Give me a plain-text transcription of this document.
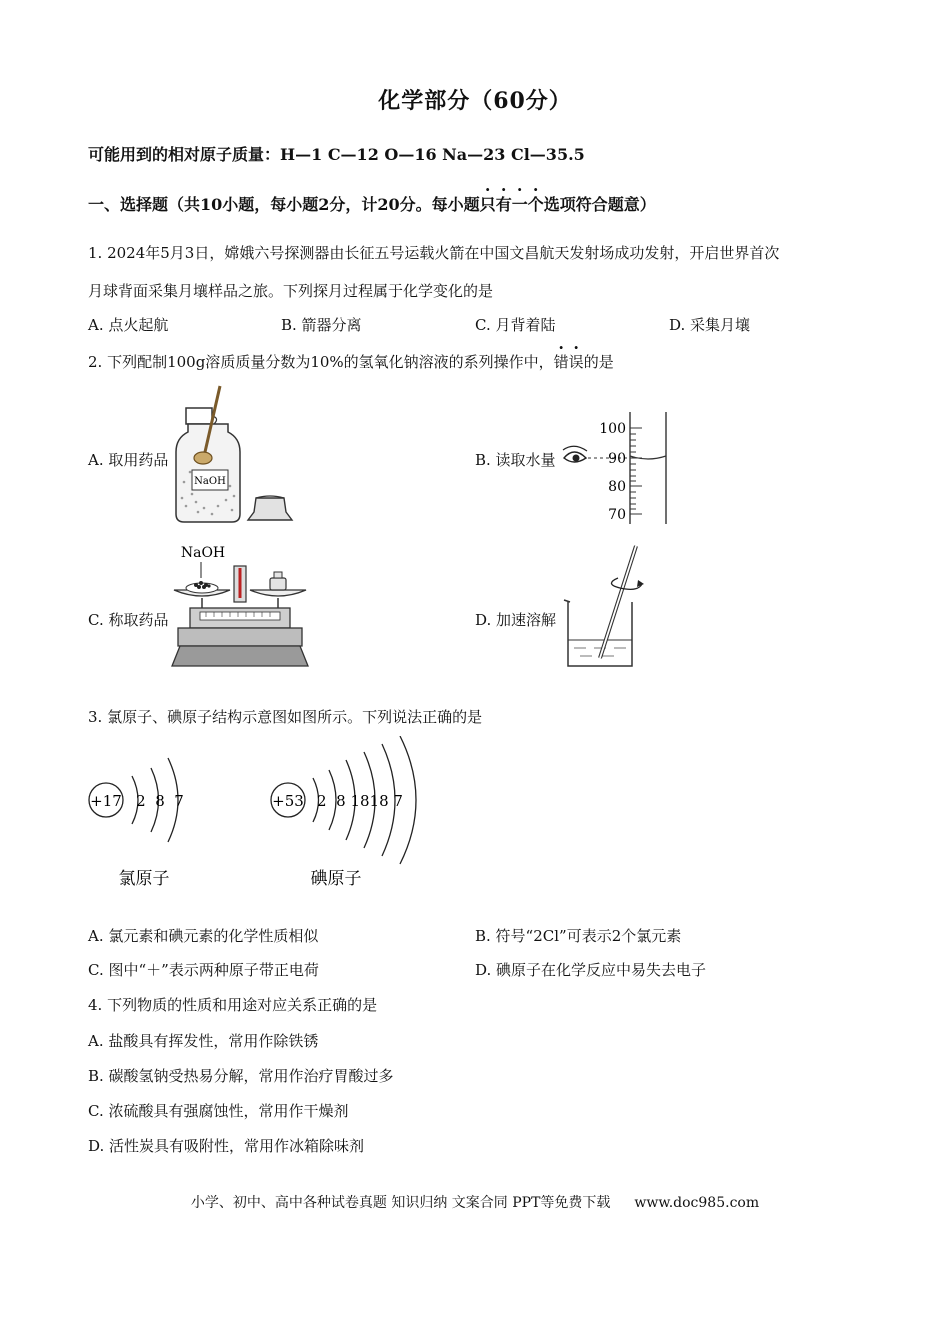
化学部分（60分）
可能用到的相对原子质量：H—1 C—12 O—16 Na—23 Cl—35.5
一、选择题（共10小题，每小题2分，计20分。每小题只有一个选项符合题意）
1. 2024年5月3日，嫦娥六号探测器由长征五号运载火箭在中国文昌航天发射场成功发射，开启世界首次
月球背面采集月壤样品之旅。下列探月过程属于化学变化的是
A. 点火起航	B. 箭器分离	C. 月背着陆	D. 采集月壤
2. 下列配制100g溶质质量分数为10%的氢氧化钠溶液的系列操作中，错误的是
A. 取用药品	B. 读取水量
C. 称取药品	D. 加速溶解
NaOH
100
90
80
70
NaOH
3. 氯原子、碘原子结构示意图如图所示。下列说法正确的是
+17 2  8  7
氯原子
+53 2  8 1818 7
碘原子
A. 氯元素和碘元素的化学性质相似	B. 符号“2Cl”可表示2个氯元素
C. 图中“＋”表示两种原子带正电荷	D. 碘原子在化学反应中易失去电子
4. 下列物质的性质和用途对应关系正确的是
A. 盐酸具有挥发性，常用作除铁锈
B. 碳酸氢钠受热易分解，常用作治疗胃酸过多
C. 浓硫酸具有强腐蚀性，常用作干燥剂
D. 活性炭具有吸附性，常用作冰箱除味剂
小学、初中、高中各种试卷真题 知识归纳 文案合同 PPT等免费下载 www.doc985.com
